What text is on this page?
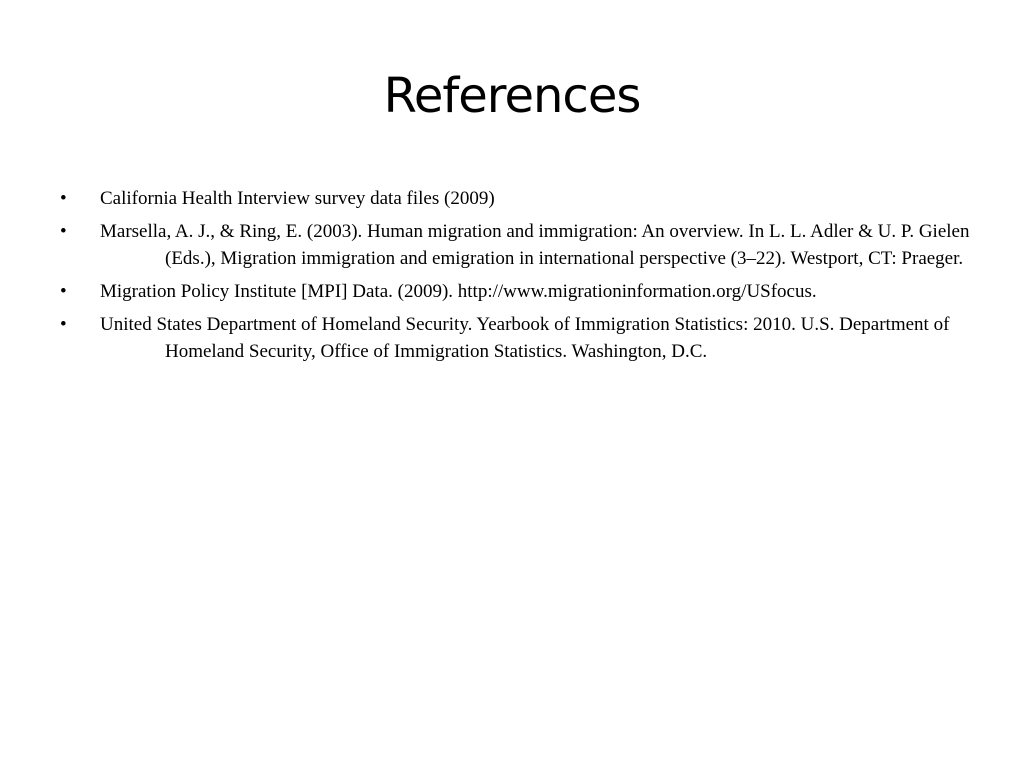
References
• California Health Interview survey data files (2009)
• Marsella, A. J., & Ring, E. (2003). Human migration and immigration: An overview. In L. L. Adler & U. P. Gielen (Eds.), Migration immigration and emigration in international perspective (3–22). Westport, CT: Praeger.
• Migration Policy Institute [MPI] Data. (2009). http://www.migrationinformation.org/USfocus.
• United States Department of Homeland Security. Yearbook of Immigration Statistics: 2010. U.S. Department of Homeland Security, Office of Immigration Statistics. Washington, D.C.
